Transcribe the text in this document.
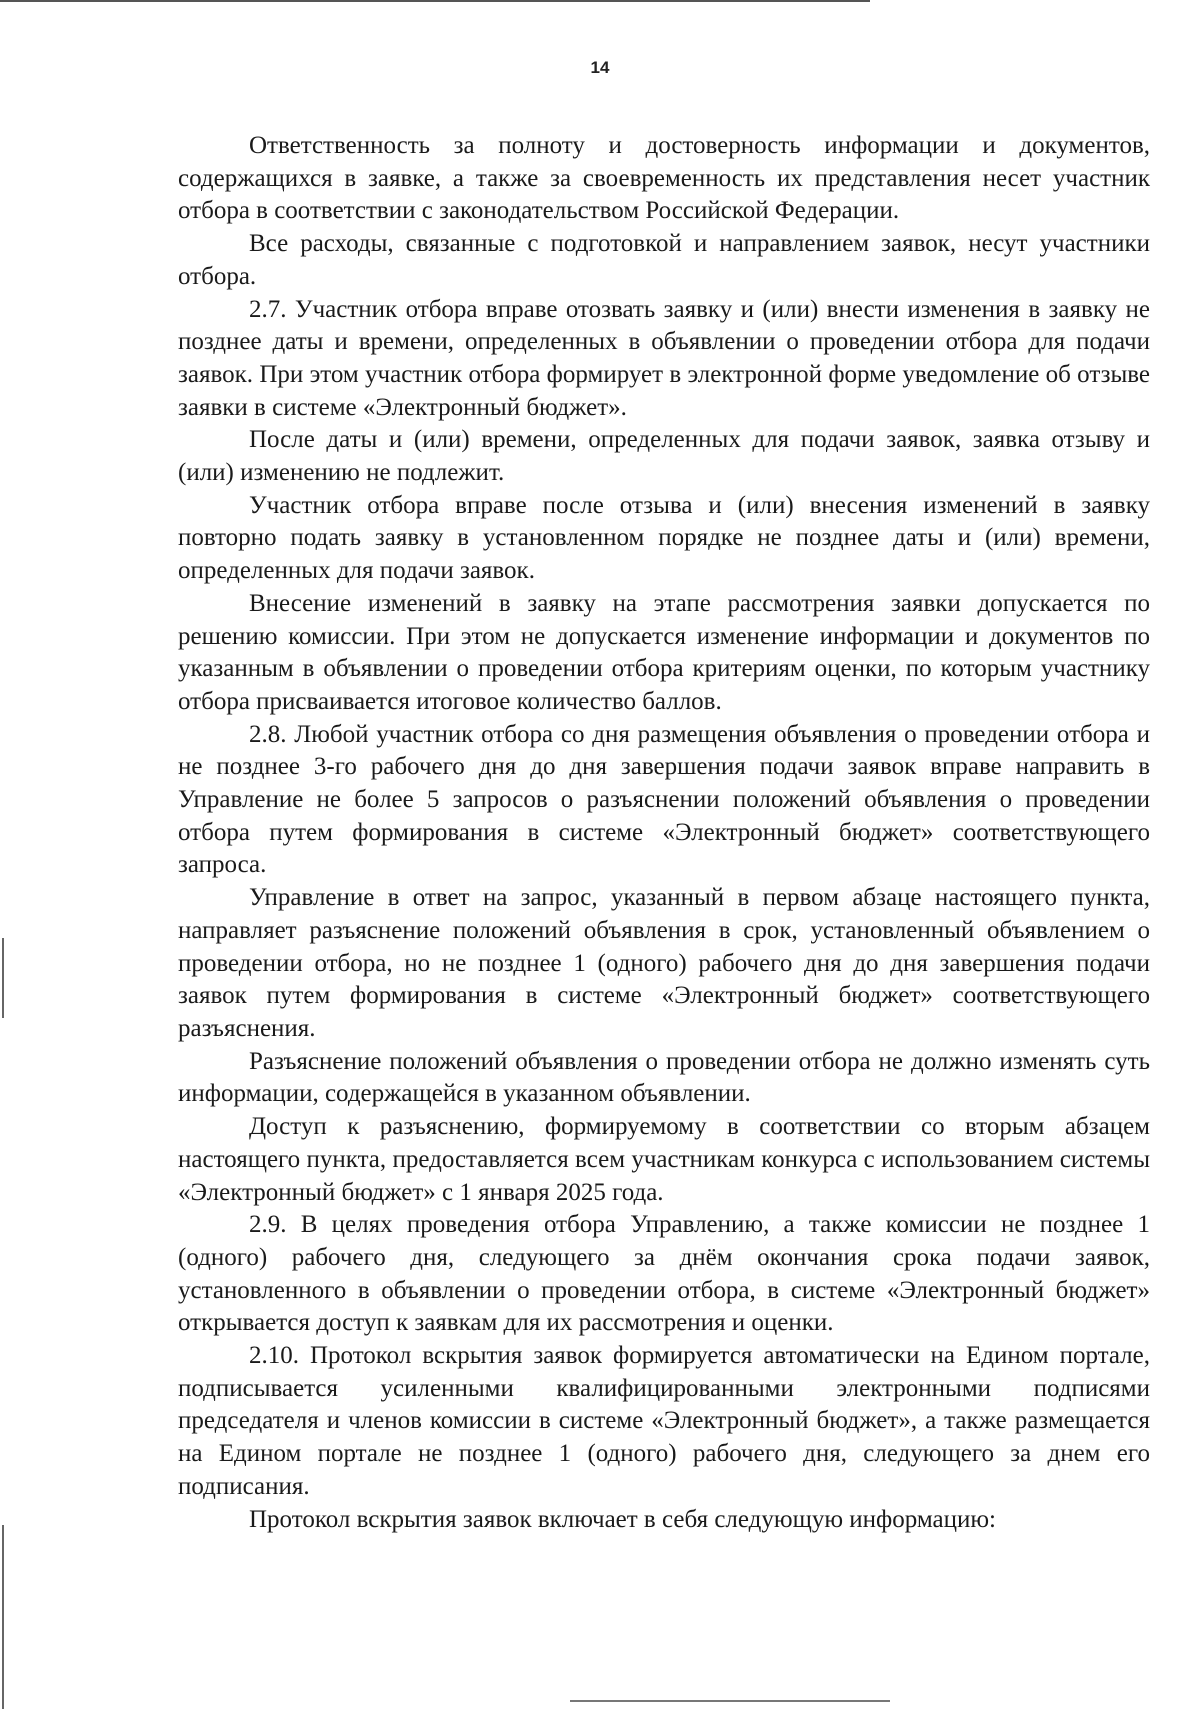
14

Ответственность за полноту и достоверность информации и документов, содержащихся в заявке, а также за своевременность их представления несет участник отбора в соответствии с законодательством Российской Федерации.

Все расходы, связанные с подготовкой и направлением заявок, несут участники отбора.

2.7. Участник отбора вправе отозвать заявку и (или) внести изменения в заявку не позднее даты и времени, определенных в объявлении о проведении отбора для подачи заявок. При этом участник отбора формирует в электронной форме уведомление об отзыве заявки в системе «Электронный бюджет».

После даты и (или) времени, определенных для подачи заявок, заявка отзыву и (или) изменению не подлежит.

Участник отбора вправе после отзыва и (или) внесения изменений в заявку повторно подать заявку в установленном порядке не позднее даты и (или) времени, определенных для подачи заявок.

Внесение изменений в заявку на этапе рассмотрения заявки допускается по решению комиссии. При этом не допускается изменение информации и документов по указанным в объявлении о проведении отбора критериям оценки, по которым участнику отбора присваивается итоговое количество баллов.

2.8. Любой участник отбора со дня размещения объявления о проведении отбора и не позднее 3-го рабочего дня до дня завершения подачи заявок вправе направить в Управление не более 5 запросов о разъяснении положений объявления о проведении отбора путем формирования в системе «Электронный бюджет» соответствующего запроса.

Управление в ответ на запрос, указанный в первом абзаце настоящего пункта, направляет разъяснение положений объявления в срок, установленный объявлением о проведении отбора, но не позднее 1 (одного) рабочего дня до дня завершения подачи заявок путем формирования в системе «Электронный бюджет» соответствующего разъяснения.

Разъяснение положений объявления о проведении отбора не должно изменять суть информации, содержащейся в указанном объявлении.

Доступ к разъяснению, формируемому в соответствии со вторым абзацем настоящего пункта, предоставляется всем участникам конкурса с использованием системы «Электронный бюджет» с 1 января 2025 года.

2.9. В целях проведения отбора Управлению, а также комиссии не позднее 1 (одного) рабочего дня, следующего за днём окончания срока подачи заявок, установленного в объявлении о проведении отбора, в системе «Электронный бюджет» открывается доступ к заявкам для их рассмотрения и оценки.

2.10. Протокол вскрытия заявок формируется автоматически на Едином портале, подписывается усиленными квалифицированными электронными подписями председателя и членов комиссии в системе «Электронный бюджет», а также размещается на Едином портале не позднее 1 (одного) рабочего дня, следующего за днем его подписания.

Протокол вскрытия заявок включает в себя следующую информацию:
